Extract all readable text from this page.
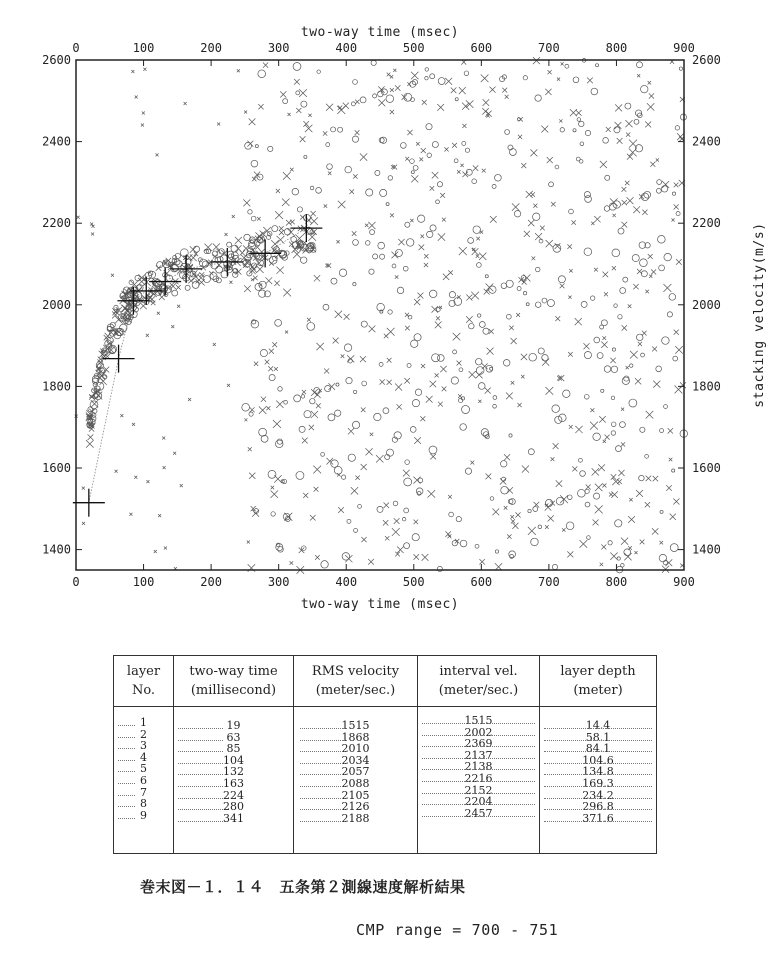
0
0
100
100
200
200
300
300
400
400
500
500
600
600
700
700
800
800
900
900
1400
1600
1800
2000
2200
2400
2600
1400
1600
1800
2000
2200
2400
2600
two-way time (msec)
two-way time (msec)
stacking velocity(m/s)
layer
No.
1
2
3
4
5
6
7
8
9
two-way time
(millisecond)
19
63
85
104
132
163
224
280
341
RMS velocity
(meter/sec.)
1515
1868
2010
2034
2057
2088
2105
2126
2188
interval vel.
(meter/sec.)
1515
2002
2369
2137
2138
2216
2152
2204
2457
layer depth
(meter)
14.4
58.1
84.1
104.6
134.8
169.3
234.2
296.8
371.6
巻末図－１．１４　五条第２測線速度解析結果
CMP range = 700 - 751
